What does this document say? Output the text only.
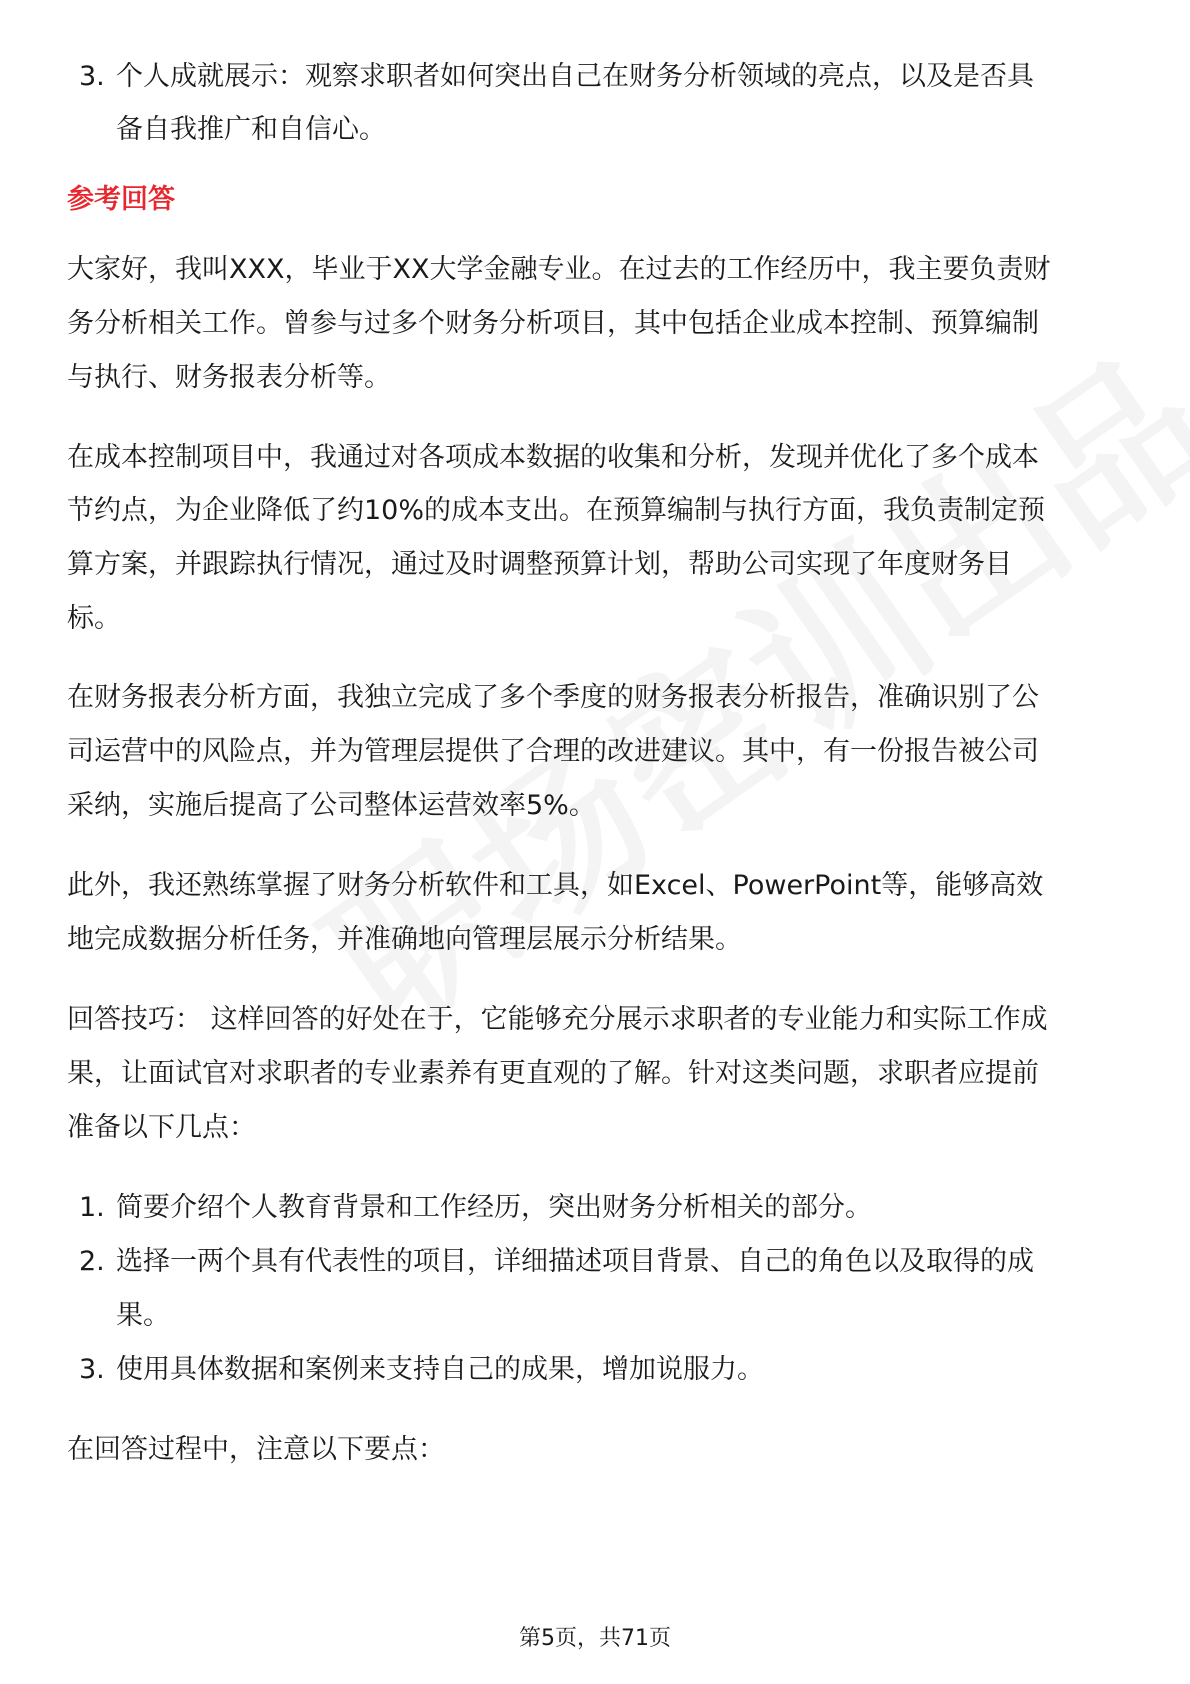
3. 个人成就展示：观察求职者如何突出自己在财务分析领域的亮点，以及是否具
备自我推广和自信心。
参考回答
大家好，我叫XXX，毕业于XX大学金融专业。在过去的工作经历中，我主要负责财
务分析相关工作。曾参与过多个财务分析项目，其中包括企业成本控制、预算编制
与执行、财务报表分析等。
在成本控制项目中，我通过对各项成本数据的收集和分析，发现并优化了多个成本
节约点，为企业降低了约10%的成本支出。在预算编制与执行方面，我负责制定预
算方案，并跟踪执行情况，通过及时调整预算计划，帮助公司实现了年度财务目
标。
在财务报表分析方面，我独立完成了多个季度的财务报表分析报告，准确识别了公
司运营中的风险点，并为管理层提供了合理的改进建议。其中，有一份报告被公司
采纳，实施后提高了公司整体运营效率5%。
此外，我还熟练掌握了财务分析软件和工具，如Excel、PowerPoint等，能够高效
地完成数据分析任务，并准确地向管理层展示分析结果。
回答技巧： 这样回答的好处在于，它能够充分展示求职者的专业能力和实际工作成
果，让面试官对求职者的专业素养有更直观的了解。针对这类问题，求职者应提前
准备以下几点：
1. 简要介绍个人教育背景和工作经历，突出财务分析相关的部分。
2. 选择一两个具有代表性的项目，详细描述项目背景、自己的角色以及取得的成
果。
3. 使用具体数据和案例来支持自己的成果，增加说服力。
在回答过程中，注意以下要点：
第5页，共71页
